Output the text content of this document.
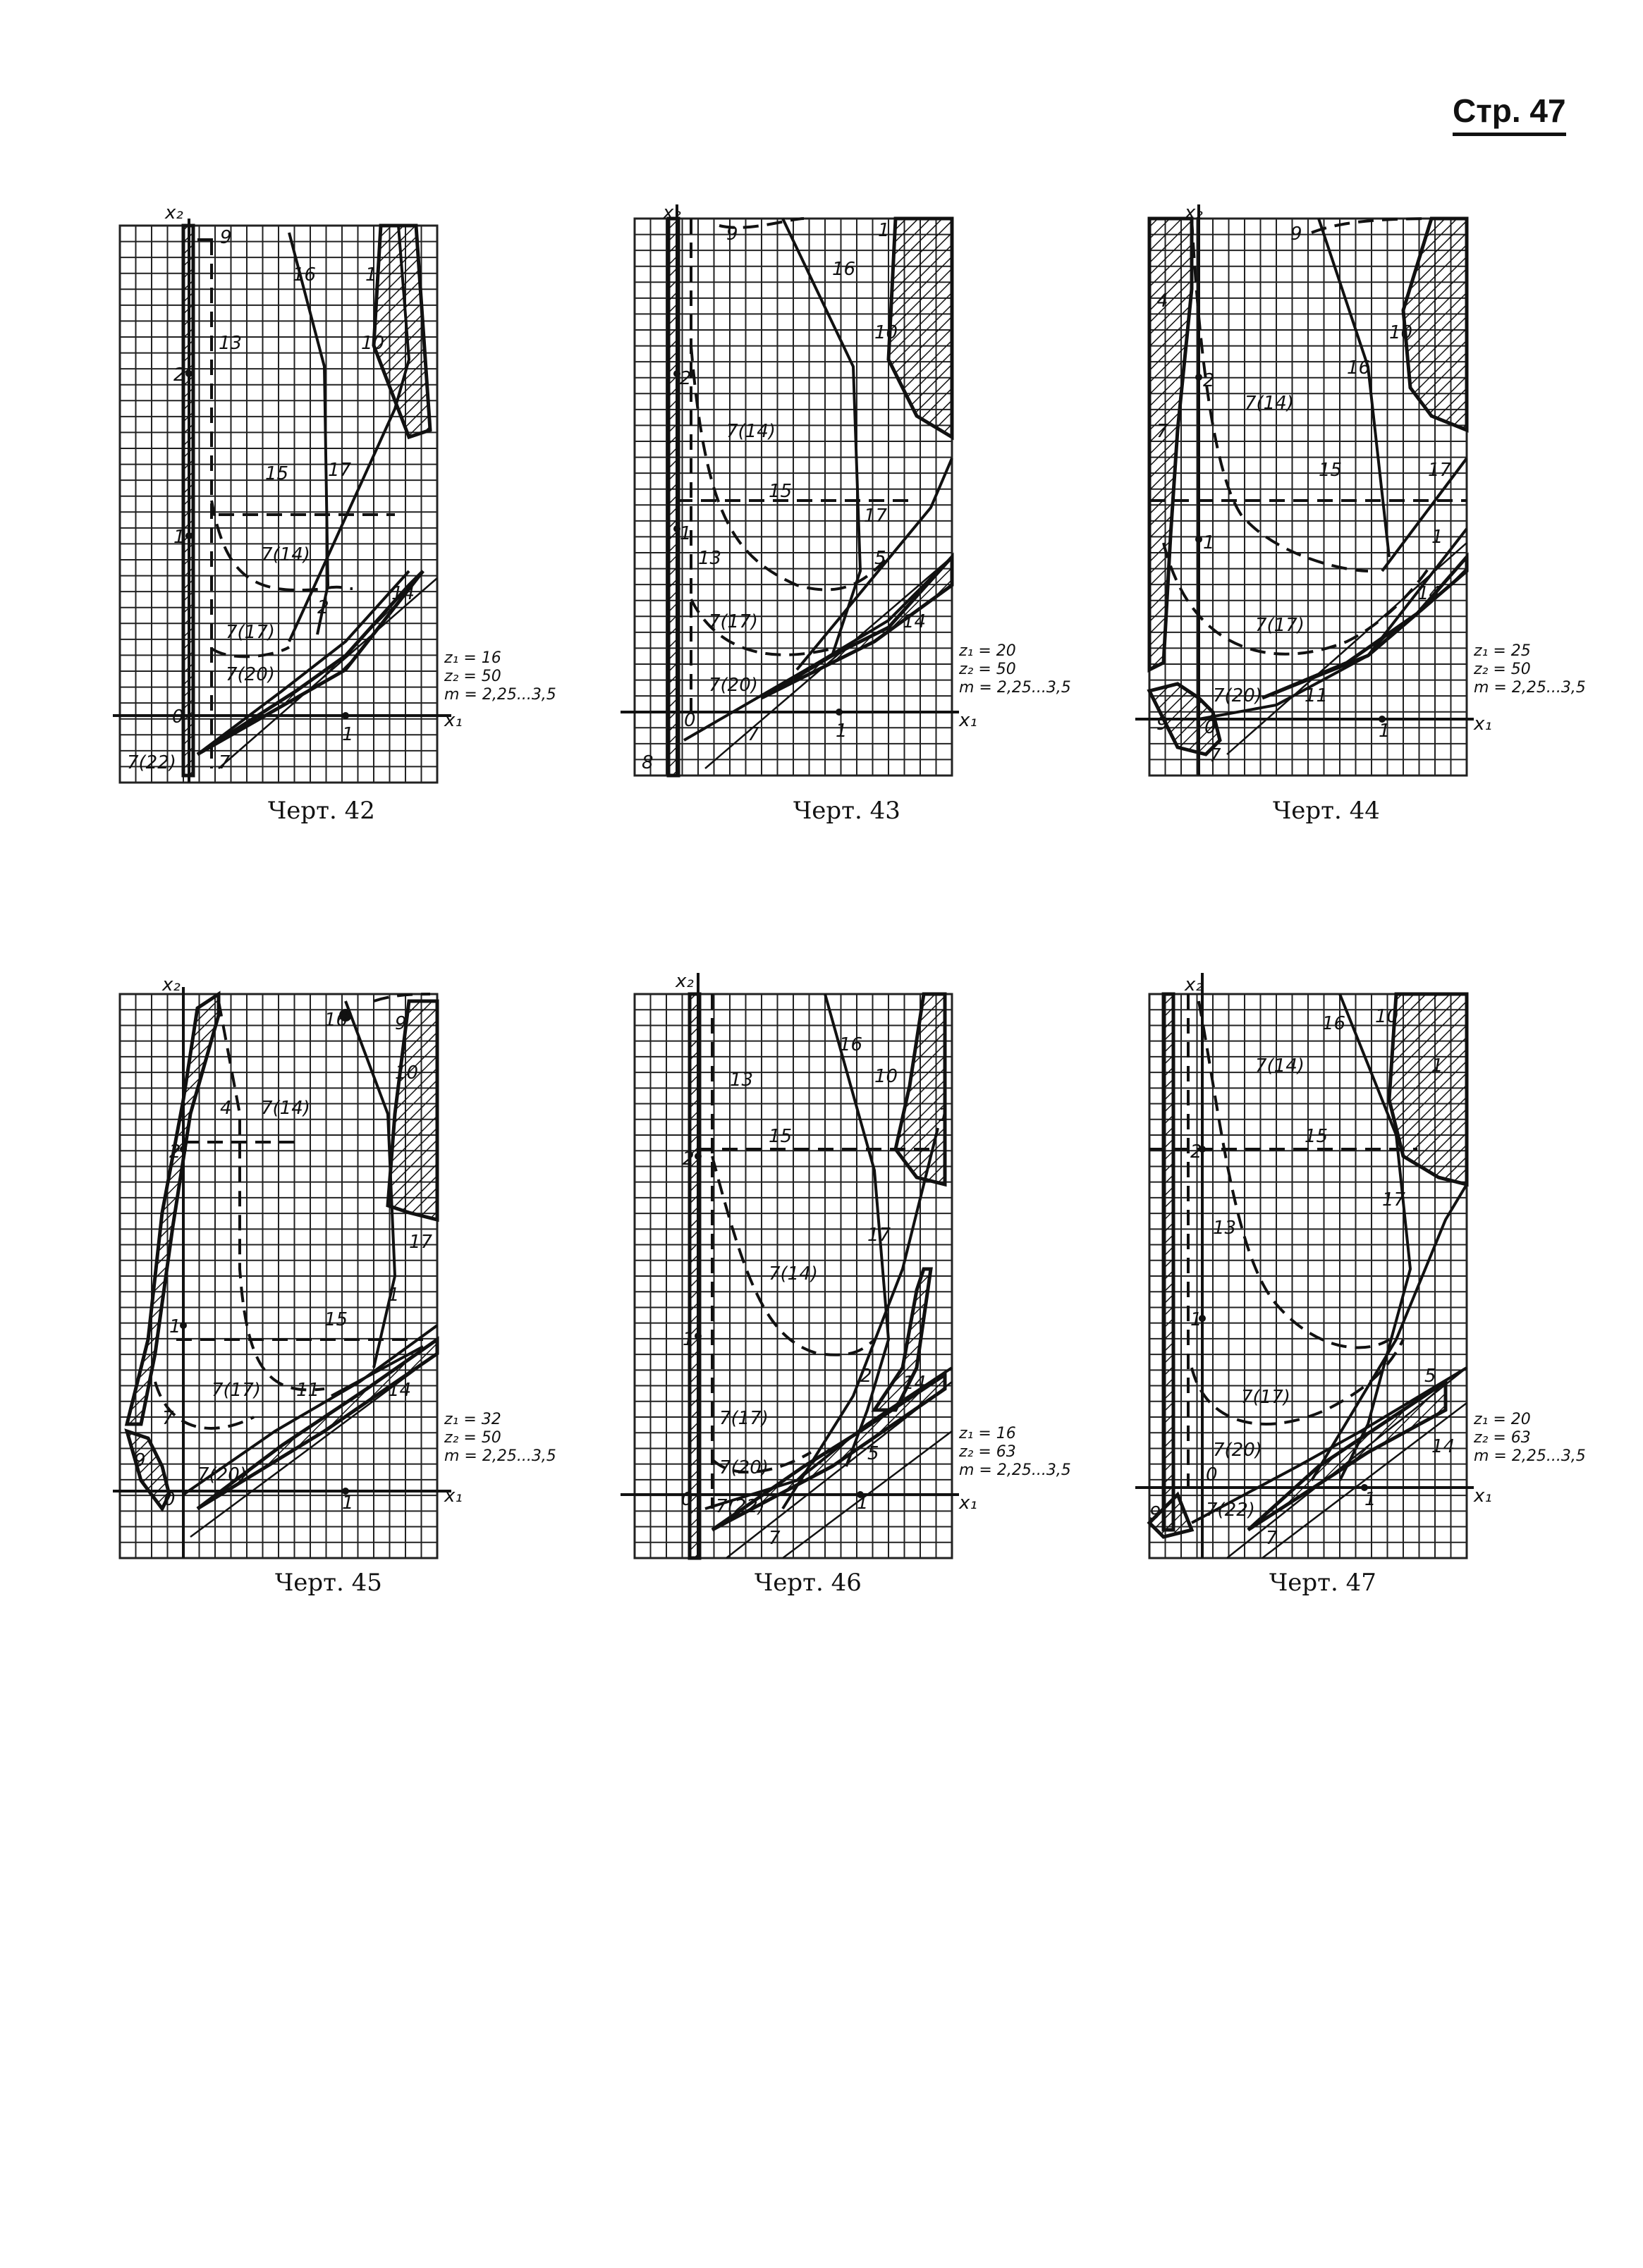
Стр. 47
x₁
x₂
0
1
1
2
9
16	1
13	10
2
15 17
7(14)
14
7(17)
7(20)
7(22) 7
z₁ = 16
z₂ = 50
m = 2,25...3,5
Черт. 42
x₁
x₂
0	1
1
2
9	1
16
10
7(14)
15
17
13	5
7(17)	14
7(20)
7
8
z₁ = 20
z₂ = 50
m = 2,25...3,5
Черт. 43
x₁
x₂
0	1
1
2
9
4
10
16
7(14)
7
15	17
1
7(17)
14
7(20) 11
9
7
z₁ = 25
z₂ = 50
m = 2,25...3,5
Черт. 44
x₁
x₂
0	1
1
2
16	9
10
4 7(14)
17
15
1
7(17) 11	14
7
9
7(20)
z₁ = 32
z₂ = 50
m = 2,25...3,5
Черт. 45
x₁
x₂
0	1
1
2
13
16
10
1
15
17
7(14)
2 14
7(17)
7(20)
5
7(22)
7
z₁ = 16
z₂ = 63
m = 2,25...3,5
Черт. 46
x₁
x₂
0
1
1
2
16 10
7(14)	1
15
17
13
7(17)
5
14
7(20)
7(22)
9
7
z₁ = 20
z₂ = 63
m = 2,25...3,5
Черт. 47
